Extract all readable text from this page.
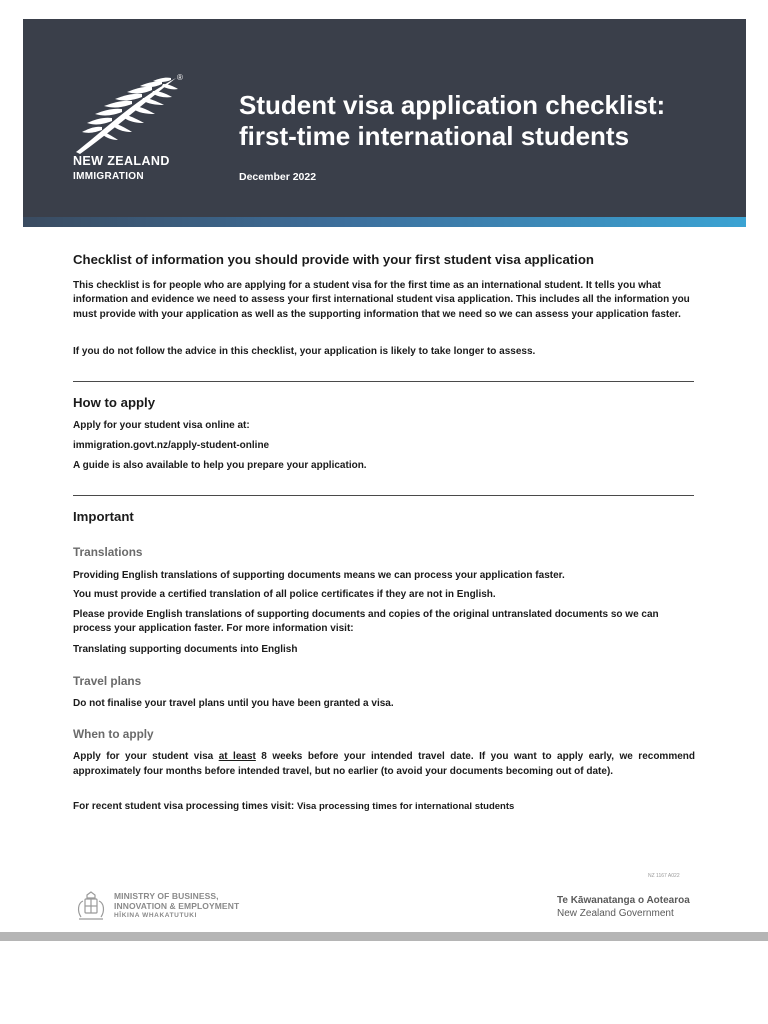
®
NEW ZEALAND
IMMIGRATION
Student visa application checklist:
first-time international students
December 2022
Checklist of information you should provide with your first student visa application
This checklist is for people who are applying for a student visa for the first time as an international student. It tells you what information and evidence we need to assess your first international student visa application. This includes all the information you must provide with your application as well as the supporting information that we need so we can assess your application faster.
If you do not follow the advice in this checklist, your application is likely to take longer to assess.
How to apply
Apply for your student visa online at:
immigration.govt.nz/apply-student-online
A guide is also available to help you prepare your application.
Important
Translations
Providing English translations of supporting documents means we can process your application faster.
You must provide a certified translation of all police certificates if they are not in English.
Please provide English translations of supporting documents and copies of the original untranslated documents so we can process your application faster. For more information visit:
Translating supporting documents into English
Travel plans
Do not finalise your travel plans until you have been granted a visa.
When to apply
Apply for your student visa at least 8 weeks before your intended travel date. If you want to apply early, we recommend approximately four months before intended travel, but no earlier (to avoid your documents becoming out of date).
For recent student visa processing times visit: Visa processing times for international students
NZ 1167 A022
MINISTRY OF BUSINESS,
INNOVATION & EMPLOYMENT
HĪKINA WHAKATUTUKI
Te Kāwanatanga o Aotearoa
New Zealand Government
